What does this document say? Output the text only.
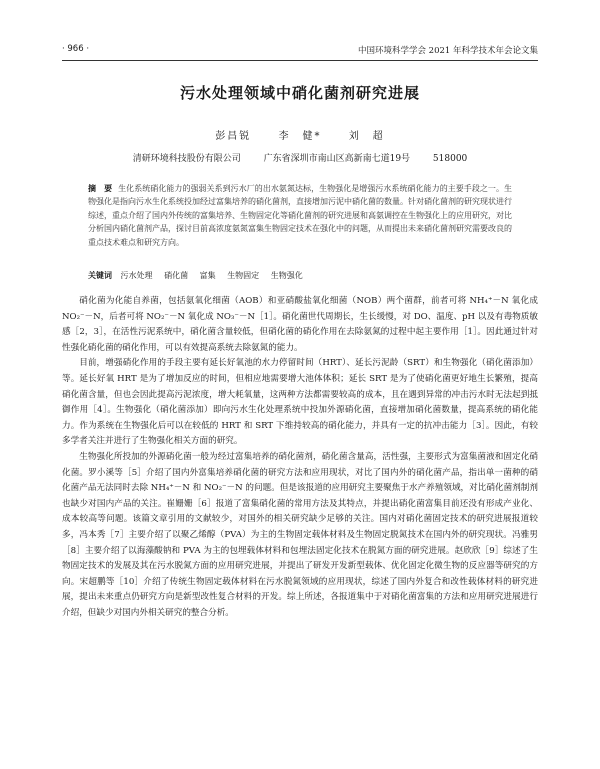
· 966 ·	中国环境科学学会 2021 年科学技术年会论文集
污水处理领域中硝化菌剂研究进展
彭昌锐	李　健*	刘　超
清研环境科技股份有限公司	广东省深圳市南山区高新南七道19号	518000
摘　要 生化系统硝化能力的强弱关系到污水厂的出水氨氮达标，生物强化是增强污水系统硝化能力的主要手段之一。生物强化是指向污水生化系统投加经过富集培养的硝化菌剂，直接增加污泥中硝化菌的数量。针对硝化菌剂的研究现状进行综述，重点介绍了国内外传统的富集培养、生物固定化等硝化菌剂的研究进展和高氨调控在生物强化上的应用研究，对比分析国内硝化菌剂产品，探讨目前高浓度氨氮富集生物固定技术在强化中的问题，从而提出未来硝化菌剂研究需要改良的重点技术难点和研究方向。
关键词 污水处理 硝化菌 富集 生物固定 生物强化

硝化菌为化能自养菌，包括氨氧化细菌（AOB）和亚硝酸盐氧化细菌（NOB）两个菌群，前者可将 NH₄⁺－N 氧化成 NO₂⁻－N，后者可将 NO₂⁻－N 氧化成 NO₃⁻－N［1］。硝化菌世代周期长，生长缓慢，对 DO、温度、pH 以及有毒物质敏感［2，3］，在活性污泥系统中，硝化菌含量较低，但硝化菌的硝化作用在去除氨氮的过程中起主要作用［1］。因此通过针对性强化硝化菌的硝化作用，可以有效提高系统去除氨氮的能力。

目前，增强硝化作用的手段主要有延长好氧池的水力停留时间（HRT）、延长污泥龄（SRT）和生物强化（硝化菌添加）等。延长好氧 HRT 是为了增加反应的时间，但相应地需要增大池体体积；延长 SRT 是为了使硝化菌更好地生长繁殖，提高硝化菌含量，但也会因此提高污泥浓度，增大耗氧量，这两种方法都需要较高的成本，且在遇到异常的冲击污水时无法起到抵御作用［4］。生物强化（硝化菌添加）即向污水生化处理系统中投加外源硝化菌，直接增加硝化菌数量，提高系统的硝化能力。作为系统在生物强化后可以在较低的 HRT 和 SRT 下维持较高的硝化能力，并具有一定的抗冲击能力［3］。因此，有较多学者关注并进行了生物强化相关方面的研究。

生物强化所投加的外源硝化菌一般为经过富集培养的硝化菌剂，硝化菌含量高，活性强，主要形式为富集菌液和固定化硝化菌。罗小溪等［5］介绍了国内外富集培养硝化菌的研究方法和应用现状，对比了国内外的硝化菌产品，指出单一菌种的硝化菌产品无法同时去除 NH₄⁺－N 和 NO₂⁻－N 的问题。但是该报道的应用研究主要聚焦于水产养殖领域，对比硝化菌剂制剂也缺少对国内产品的关注。崔姗姗［6］报道了富集硝化菌的常用方法及其特点，并提出硝化菌富集目前还没有形成产业化、成本较高等问题。该篇文章引用的文献较少，对国外的相关研究缺少足够的关注。国内对硝化菌固定技术的研究进展报道较多，冯本秀［7］主要介绍了以聚乙烯醇（PVA）为主的生物固定载体材料及生物固定脱氮技术在国内外的研究现状。冯雅男［8］主要介绍了以海藻酸钠和 PVA 为主的包埋载体材料和包埋法固定化技术在脱氮方面的研究进展。赵欣欣［9］综述了生物固定技术的发展及其在污水脱氮方面的应用研究进展，并提出了研发开发新型载体、优化固定化微生物的反应器等研究的方向。宋超鹏等［10］介绍了传统生物固定载体材料在污水脱氮领域的应用现状，综述了国内外复合和改性载体材料的研究进展，提出未来重点仍研究方向是新型改性复合材料的开发。综上所述，各报道集中于对硝化菌富集的方法和应用研究进展进行介绍，但缺少对国内外相关研究的整合分析。
